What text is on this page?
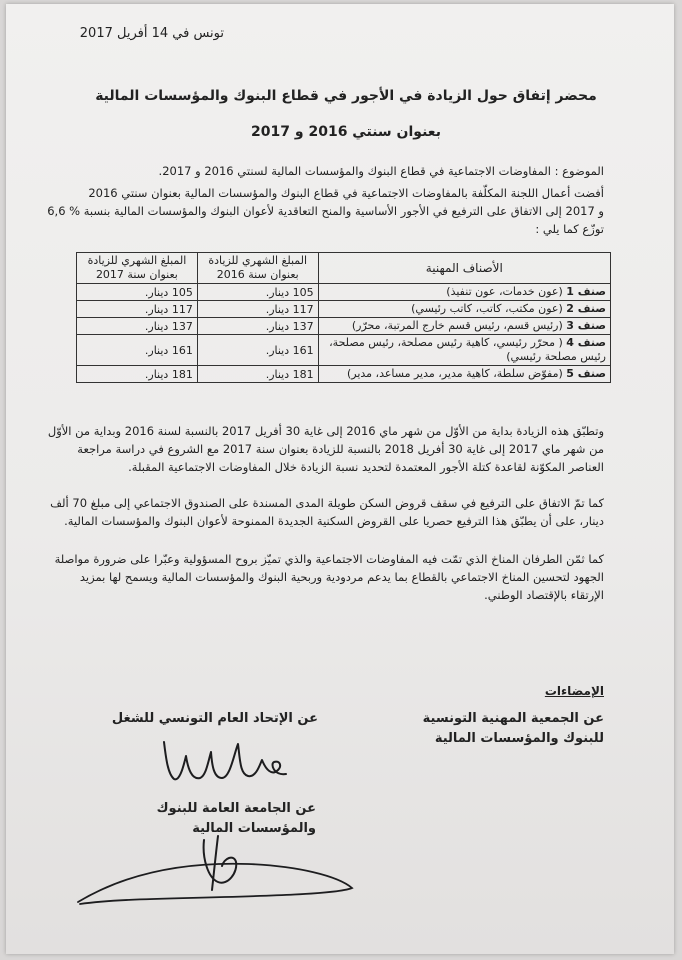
تونس في 14 أفريل 2017
محضر إتفاق حول الزيادة في الأجور في قطاع البنوك والمؤسسات المالية
بعنوان سنتي 2016 و 2017
الموضوع : المفاوضات الاجتماعية في قطاع البنوك والمؤسسات المالية لسنتي 2016 و 2017.
أفضت أعمال اللجنة المكلّفة بالمفاوضات الاجتماعية في قطاع البنوك والمؤسسات المالية بعنوان سنتي 2016
و 2017 إلى الاتفاق على الترفيع في الأجور الأساسية والمنح التعاقدية لأعوان البنوك والمؤسسات المالية بنسبة % 6,6
توزّع كما يلي :
الأصناف المهنية	المبلغ الشهري للزيادة بعنوان سنة 2016	المبلغ الشهري للزيادة بعنوان سنة 2017
صنف 1 (عون خدمات، عون تنفيذ)	105 دينار.	105 دينار.
صنف 2 (عون مكتب، كاتب، كاتب رئيسي)	117 دينار.	117 دينار.
صنف 3 (رئيس قسم، رئيس قسم خارج المرتبة، محرّر)	137 دينار.	137 دينار.
صنف 4 ( محرّر رئيسي، كاهية رئيس مصلحة، رئيس مصلحة، رئيس مصلحة رئيسي)	161 دينار.	161 دينار.
صنف 5 (مفوّض سلطة، كاهية مدير، مدير مساعد، مدير)	181 دينار.	181 دينار.
وتطبّق هذه الزيادة بداية من الأوّل من شهر ماي 2016 إلى غاية 30 أفريل 2017 بالنسبة لسنة 2016 وبداية من الأوّل من شهر ماي 2017 إلى غاية 30 أفريل 2018 بالنسبة للزيادة بعنوان سنة 2017 مع الشروع في دراسة مراجعة العناصر المكوّنة لقاعدة كتلة الأجور المعتمدة لتحديد نسبة الزيادة خلال المفاوضات الاجتماعية المقبلة.
كما تمّ الاتفاق على الترفيع في سقف قروض السكن طويلة المدى المسندة على الصندوق الاجتماعي إلى مبلغ 70 ألف دينار، على أن يطبّق هذا الترفيع حصريا على القروض السكنية الجديدة الممنوحة لأعوان البنوك والمؤسسات المالية.
كما ثمّن الطرفان المناخ الذي تمّت فيه المفاوضات الاجتماعية والذي تميّز بروح المسؤولية وعبّرا على ضرورة مواصلة الجهود لتحسين المناخ الاجتماعي بالقطاع بما يدعم مردودية وربحية البنوك والمؤسسات المالية ويسمح لها بمزيد الإرتقاء بالإقتصاد الوطني.
الإمضاءات
عن الجمعية المهنية التونسية للبنوك والمؤسسات المالية
عن الإتحاد العام التونسي للشغل
عن الجامعة العامة للبنوك والمؤسسات المالية
